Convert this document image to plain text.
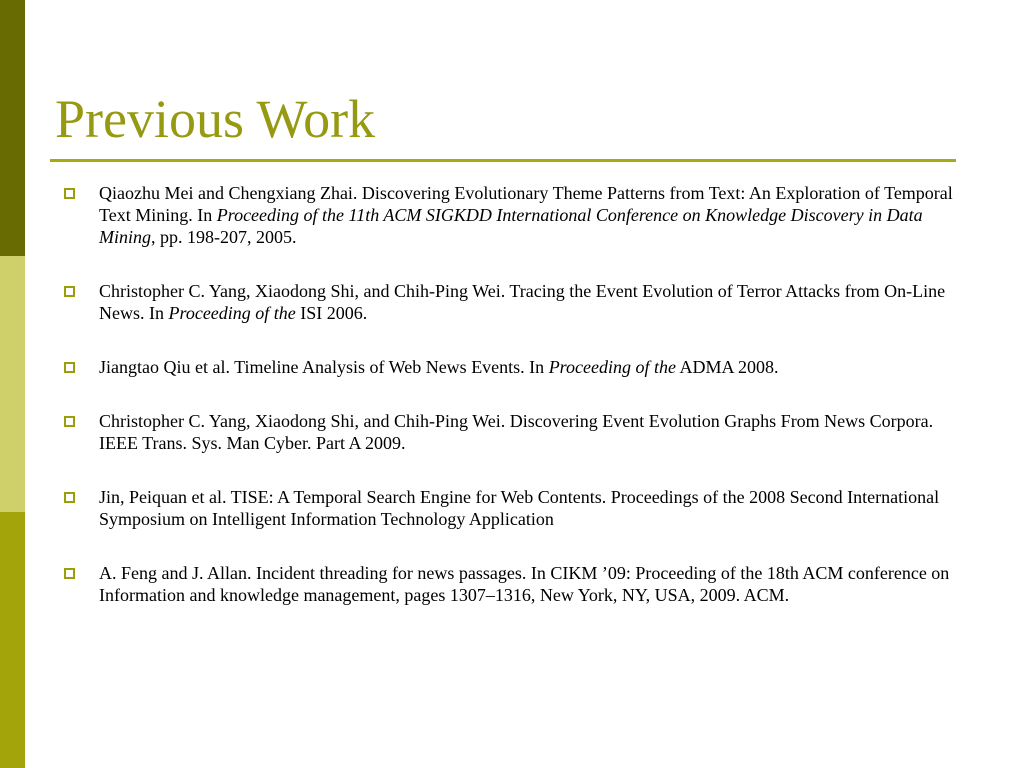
Previous Work
Qiaozhu Mei and Chengxiang Zhai. Discovering Evolutionary Theme Patterns from Text: An Exploration of Temporal Text Mining. In Proceeding of the 11th ACM SIGKDD International Conference on Knowledge Discovery in Data Mining, pp. 198-207, 2005.
Christopher C. Yang, Xiaodong Shi, and Chih-Ping Wei. Tracing the Event Evolution of Terror Attacks from On-Line News. In Proceeding of the ISI 2006.
Jiangtao Qiu et al. Timeline Analysis of Web News Events. In Proceeding of the ADMA 2008.
Christopher C. Yang, Xiaodong Shi, and Chih-Ping Wei. Discovering Event Evolution Graphs From News Corpora. IEEE Trans. Sys. Man Cyber. Part A 2009.
Jin, Peiquan et al. TISE: A Temporal Search Engine for Web Contents. Proceedings of the 2008 Second International Symposium on Intelligent Information Technology Application
A. Feng and J. Allan. Incident threading for news passages. In CIKM ’09: Proceeding of the 18th ACM conference on Information and knowledge management, pages 1307–1316, New York, NY, USA, 2009. ACM.
